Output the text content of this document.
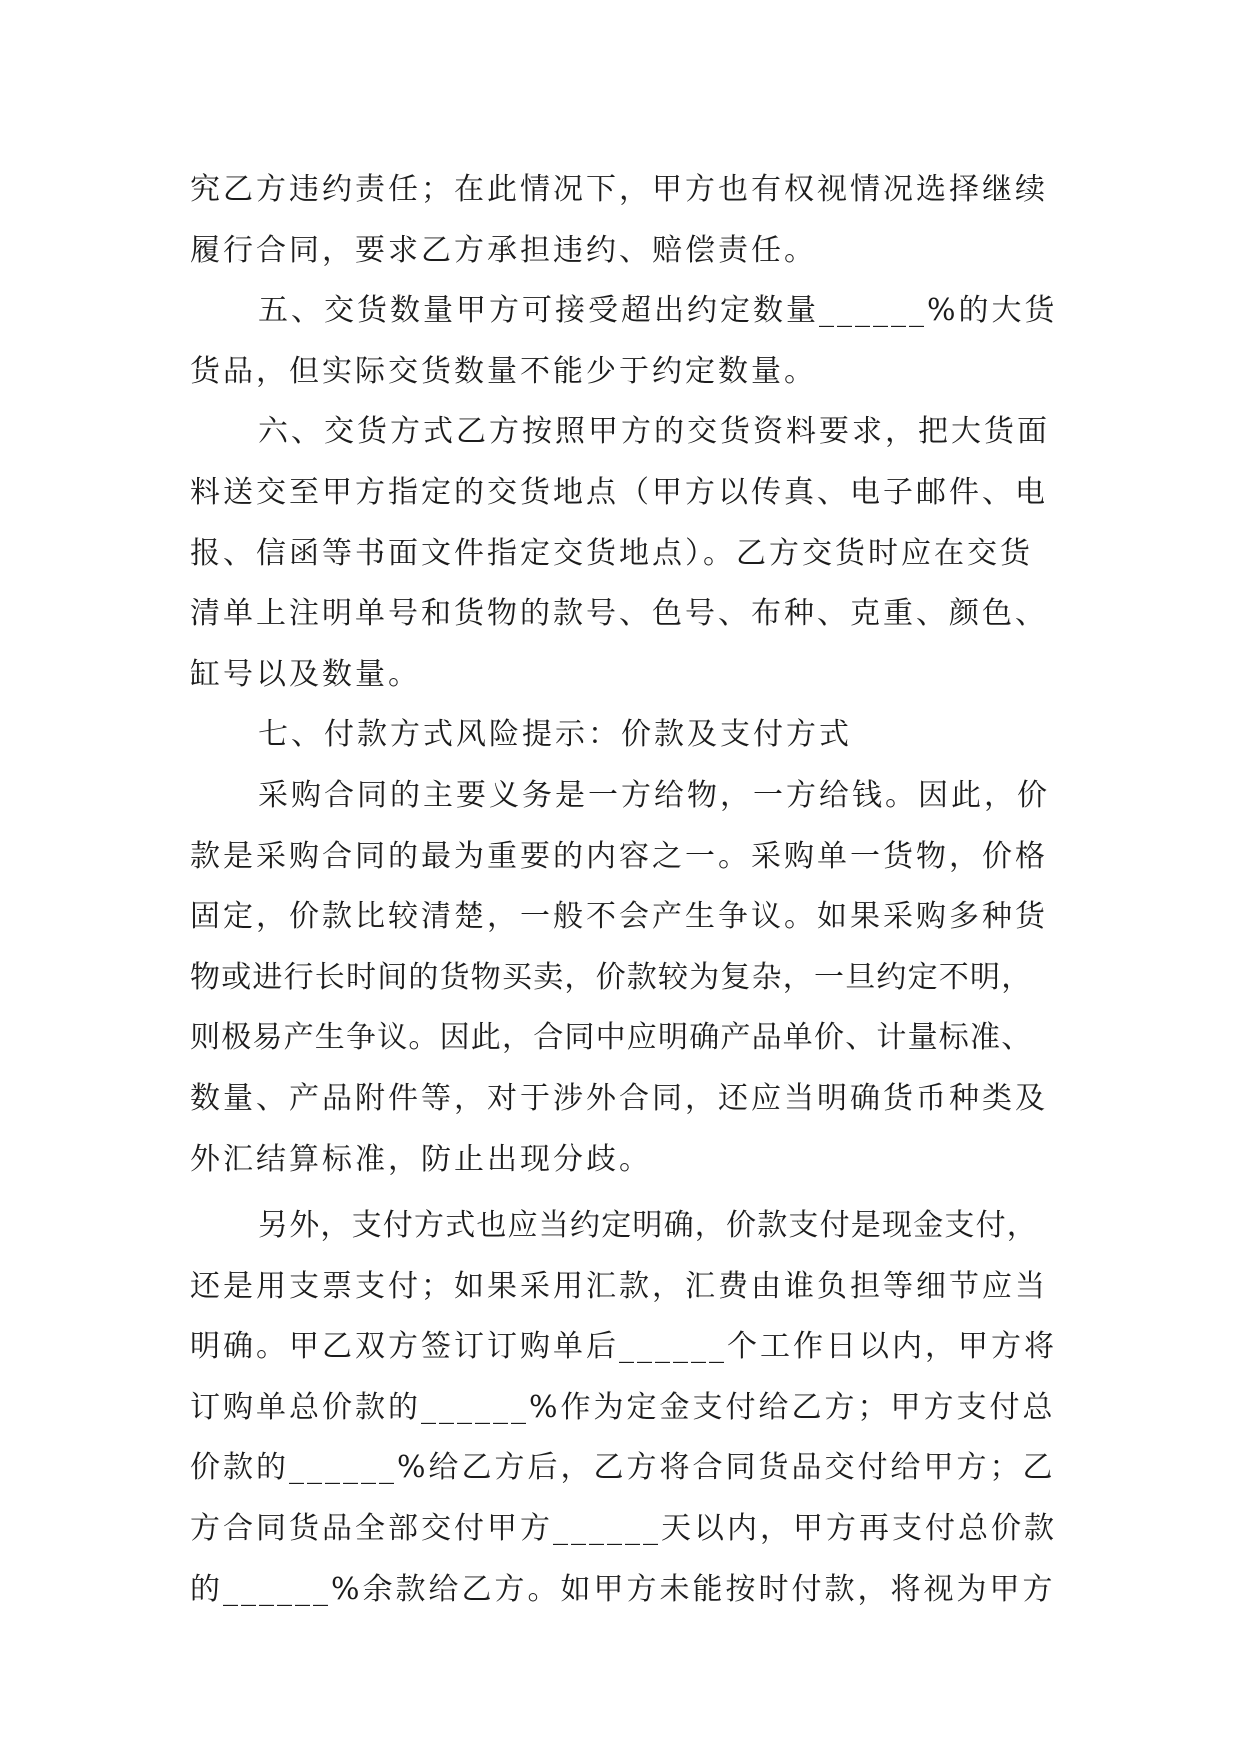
究乙方违约责任；在此情况下，甲方也有权视情况选择继续
履行合同，要求乙方承担违约、赔偿责任。
五、交货数量甲方可接受超出约定数量______%的大货
货品，但实际交货数量不能少于约定数量。
六、交货方式乙方按照甲方的交货资料要求，把大货面
料送交至甲方指定的交货地点（甲方以传真、电子邮件、电
报、信函等书面文件指定交货地点）。乙方交货时应在交货
清单上注明单号和货物的款号、色号、布种、克重、颜色、
缸号以及数量。
七、付款方式风险提示：价款及支付方式
采购合同的主要义务是一方给物，一方给钱。因此，价
款是采购合同的最为重要的内容之一。采购单一货物，价格
固定，价款比较清楚，一般不会产生争议。如果采购多种货
物或进行长时间的货物买卖，价款较为复杂，一旦约定不明，
则极易产生争议。因此，合同中应明确产品单价、计量标准、
数量、产品附件等，对于涉外合同，还应当明确货币种类及
外汇结算标准，防止出现分歧。
另外，支付方式也应当约定明确，价款支付是现金支付，
还是用支票支付；如果采用汇款，汇费由谁负担等细节应当
明确。甲乙双方签订订购单后______个工作日以内，甲方将
订购单总价款的______%作为定金支付给乙方；甲方支付总
价款的______%给乙方后，乙方将合同货品交付给甲方；乙
方合同货品全部交付甲方______天以内，甲方再支付总价款
的______%余款给乙方。如甲方未能按时付款，将视为甲方
